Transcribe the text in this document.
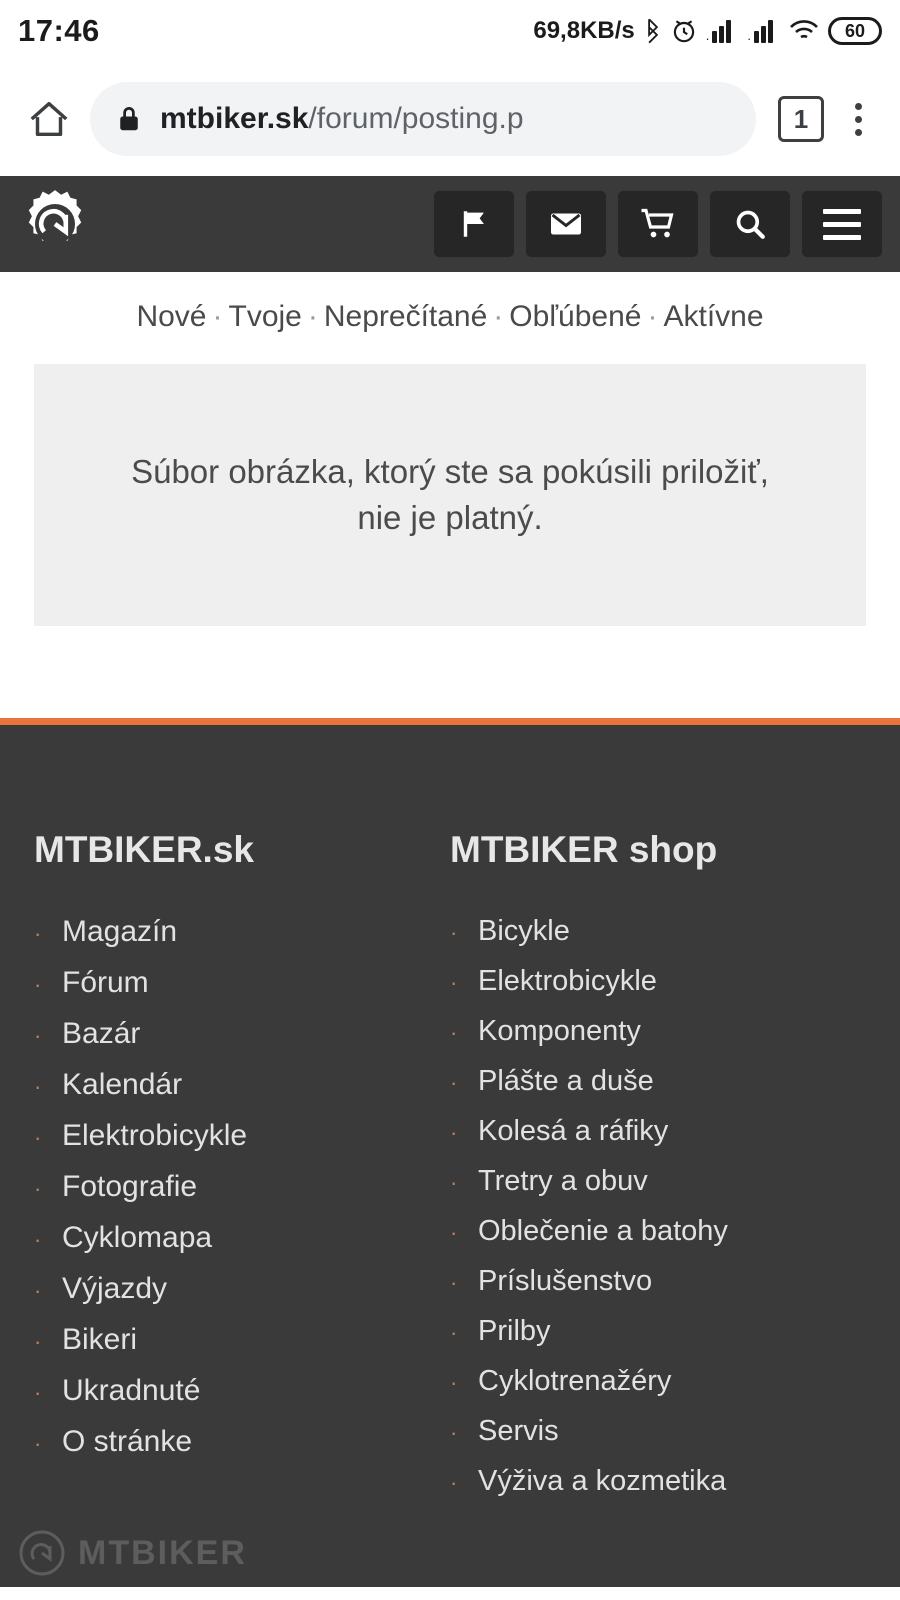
17:46	69,8KB/s	.	.	60
mtbiker.sk/forum/posting.p	1
Nové · Tvoje · Neprečítané · Obľúbené · Aktívne

Súbor obrázka, ktorý ste sa pokúsili priložiť, nie je platný.

MTBIKER.sk
· Magazín
· Fórum
· Bazár
· Kalendár
· Elektrobicykle
· Fotografie
· Cyklomapa
· Výjazdy
· Bikeri
· Ukradnuté
· O stránke
MTBIKER shop
· Bicykle
· Elektrobicykle
· Komponenty
· Plášte a duše
· Kolesá a ráfiky
· Tretry a obuv
· Oblečenie a batohy
· Príslušenstvo
· Prilby
· Cyklotrenažéry
· Servis
· Výživa a kozmetika
MTBIKER
